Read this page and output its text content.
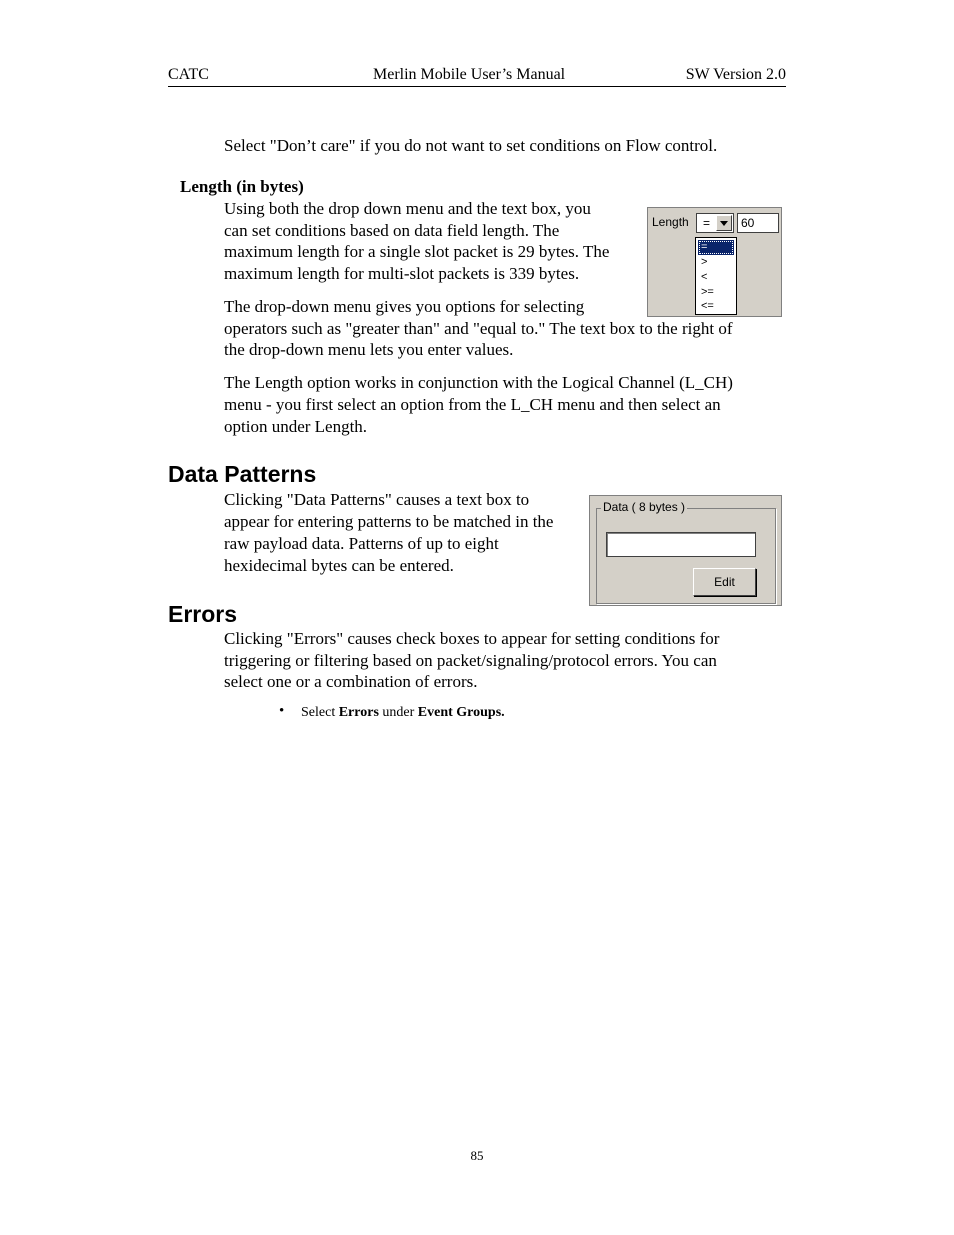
CATC	Merlin Mobile User’s Manual	SW Version 2.0

Select "Don’t care" if you do not want to set conditions on Flow control.

Length (in bytes)

Using both the drop down menu and the text box, you

can set conditions based on data field length. The

maximum length for a single slot packet is 29 bytes. The

maximum length for multi-slot packets is 339 bytes.

The drop-down menu gives you options for selecting

operators such as "greater than" and "equal to." The text box to the right of

the drop-down menu lets you enter values.

The Length option works in conjunction with the Logical Channel (L_CH)

menu - you first select an option from the L_CH menu and then select an

option under Length.

Length =	60
=
>
<
>=
<=
Data Patterns

Clicking "Data Patterns" causes a text box to

appear for entering patterns to be matched in the

raw payload data. Patterns of up to eight

hexidecimal bytes can be entered.

Data ( 8 bytes )
Edit
Errors

Clicking "Errors" causes check boxes to appear for setting conditions for

triggering or filtering based on packet/signaling/protocol errors. You can

select one or a combination of errors.

• Select Errors under Event Groups.
85
